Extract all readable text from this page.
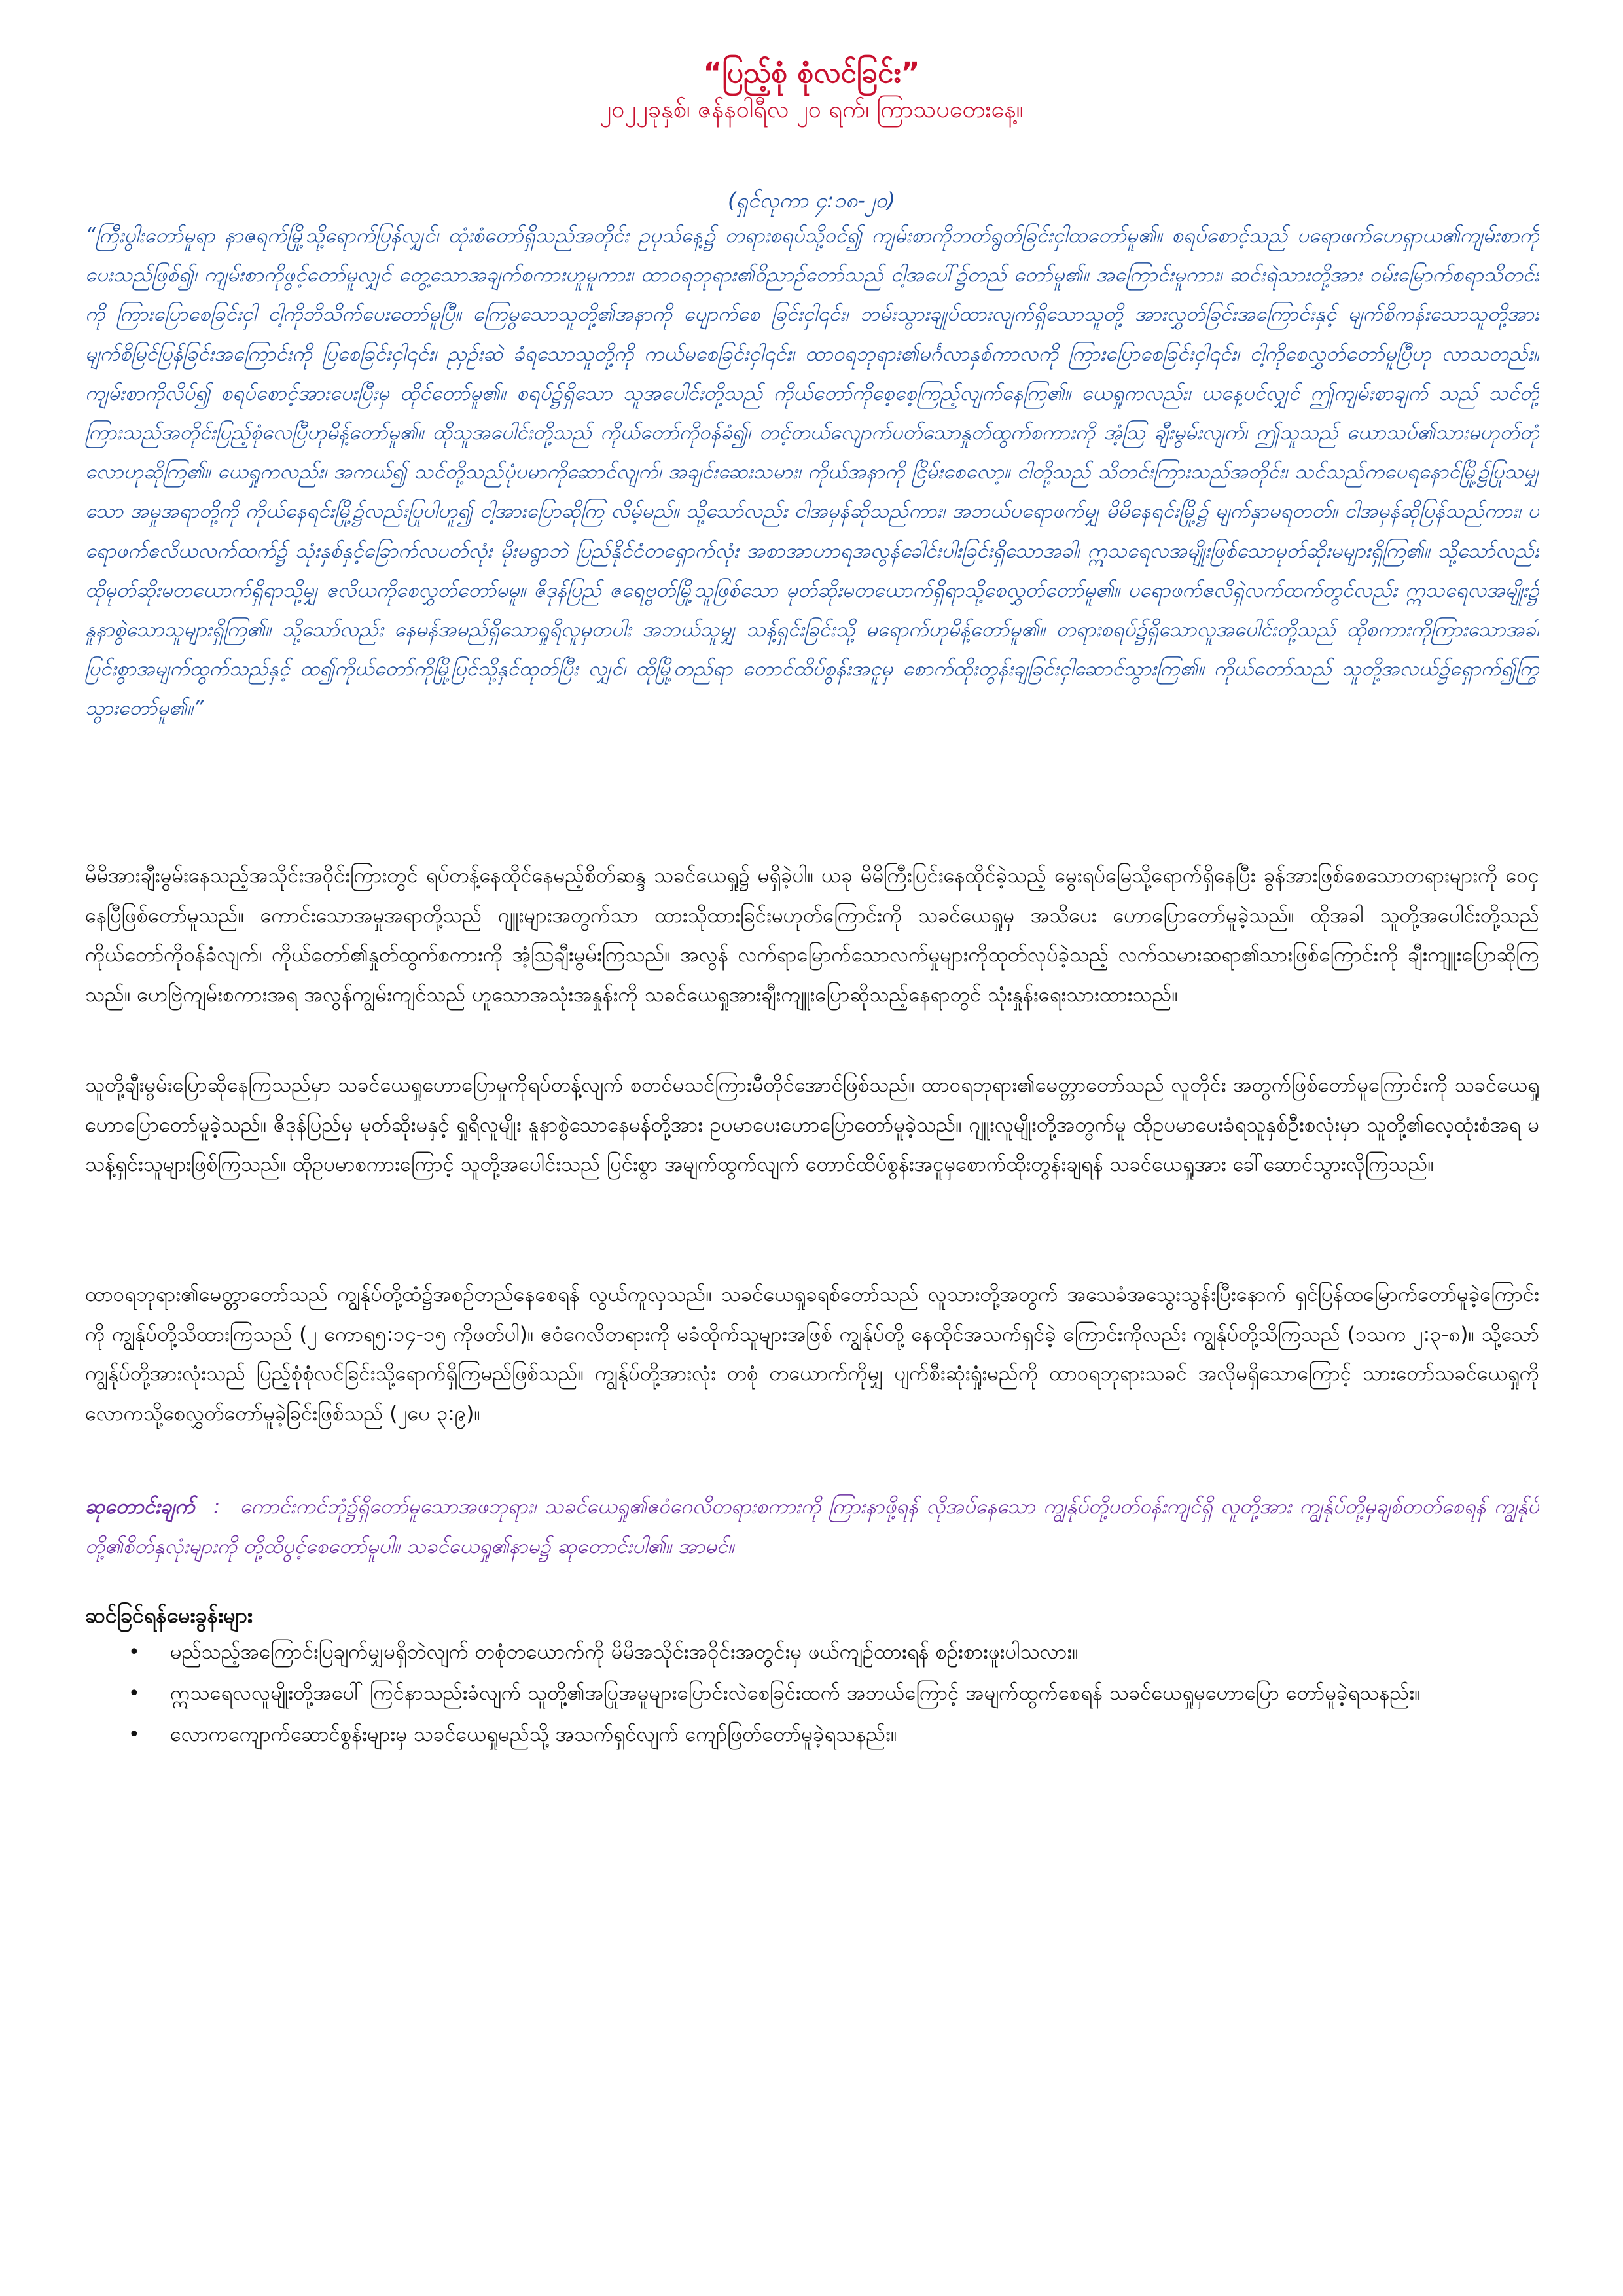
“ပြည့်စုံ စုံလင်ခြင်း”
၂၀၂၂ခုနှစ်၊ ဇန်နဝါရီလ ၂၀ ရက်၊ ကြာသပတေးနေ့။
(ရှင်လုကာ ၄:၁၈-၂၀)

“ကြီးပွါးတော်မူရာ နာဇရက်မြို့သို့ရောက်ပြန်လျှင်၊ ထုံးစံတော်ရှိသည်အတိုင်း ဥပုသ်နေ့၌ တရားစရပ်သို့ဝင်၍ ကျမ်းစာကိုဘတ်ရွတ်ခြင်းငှါထတော်မူ၏။ စရပ်စောင့်သည် ပရောဖက်ဟေရှာယ၏ကျမ်းစာကိုပေးသည်ဖြစ်၍၊ ကျမ်းစာကိုဖွင့်တော်မူလျှင် တွေ့သောအချက်စကားဟူမူကား၊ ထာဝရဘုရား၏ဝိညာဉ်တော်သည် ငါ့အပေါ်၌တည် တော်မူ၏။ အကြောင်းမူကား၊ ဆင်းရဲသားတို့အား ဝမ်းမြောက်စရာသိတင်းကို ကြားပြောစေခြင်းငှါ ငါ့ကိုဘိသိက်ပေးတော်မူပြီ။ ကြေမွသောသူတို့၏အနာကို ပျောက်စေ ခြင်းငှါ၎င်း၊ ဘမ်းသွားချုပ်ထားလျက်ရှိသောသူတို့ အားလွှတ်ခြင်းအကြောင်းနှင့် မျက်စိကန်းသောသူတို့အား မျက်စိမြင်ပြန်ခြင်းအကြောင်းကို ပြစေခြင်းငှါ၎င်း၊ ညှဉ်းဆဲ ခံရသောသူတို့ကို ကယ်မစေခြင်းငှါ၎င်း၊ ထာဝရဘုရား၏မင်္ဂလာနှစ်ကာလကို ကြားပြောစေခြင်းငှါ၎င်း၊ ငါ့ကိုစေလွှတ်တော်မူပြီဟု လာသတည်း။ ကျမ်းစာကိုလိပ်၍ စရပ်စောင့်အားပေးပြီးမှ ထိုင်တော်မူ၏။ စရပ်၌ရှိသော သူအပေါင်းတို့သည် ကိုယ်တော်ကိုစေ့စေ့ကြည့်လျက်နေကြ၏။ ယေရှုကလည်း၊ ယနေ့ပင်လျှင် ဤကျမ်းစာချက် သည် သင်တို့ကြားသည်အတိုင်းပြည့်စုံလေပြီဟုမိန့်တော်မူ၏။ ထိုသူအပေါင်းတို့သည် ကိုယ်တော်ကိုဝန်ခံ၍၊ တင့်တယ်လျောက်ပတ်သောနှုတ်ထွက်စကားကို အံ့ဩ ချီးမွမ်းလျက်၊ ဤသူသည် ယောသပ်၏သားမဟုတ်တုံလောဟုဆိုကြ၏။ ယေရှုကလည်း၊ အကယ်၍ သင်တို့သည်ပုံပမာကိုဆောင်လျက်၊ အချင်းဆေးသမား၊ ကိုယ်အနာကို ငြိမ်းစေလော့။ ငါတို့သည် သိတင်းကြားသည်အတိုင်း၊ သင်သည်ကပေရနောင်မြို့၌ပြုသမျှသော အမှုအရာတို့ကို ကိုယ်နေရင်းမြို့၌လည်းပြုပါဟူ၍ ငါ့အားပြောဆိုကြ လိမ့်မည်။ သို့သော်လည်း ငါအမှန်ဆိုသည်ကား၊ အဘယ်ပရောဖက်မျှ မိမိနေရင်းမြို့၌ မျက်နှာမရတတ်။ ငါအမှန်ဆိုပြန်သည်ကား၊ ပရောဖက်ဧလိယလက်ထက်၌ သုံးနှစ်နှင့်ခြောက်လပတ်လုံး မိုးမရွာဘဲ ပြည်နိုင်ငံတရှောက်လုံး အစာအာဟာရအလွန်ခေါင်းပါးခြင်းရှိသောအခါ၊ ဣသရေလအမျိုးဖြစ်သောမုတ်ဆိုးမများရှိကြ၏။ သို့သော်လည်း ထိုမုတ်ဆိုးမတယောက်ရှိရာသို့မျှ ဧလိယကိုစေလွှတ်တော်မမူ။ ဇိဒုန်ပြည် ဇရေဗ္ဗတ်မြို့သူဖြစ်သော မုတ်ဆိုးမတယောက်ရှိရာသို့စေလွှတ်တော်မူ၏။ ပရောဖက်ဧလိရှဲလက်ထက်တွင်လည်း ဣသရေလအမျိုး၌ နူနာစွဲသောသူများရှိကြ၏။ သို့သော်လည်း နေမန်အမည်ရှိသောရှုရိလူမှတပါး အဘယ်သူမျှ သန့်ရှင်းခြင်းသို့ မရောက်ဟုမိန့်တော်မူ၏။ တရားစရပ်၌ရှိသောလူအပေါင်းတို့သည် ထိုစကားကိုကြားသောအခါပြင်းစွာအမျက်ထွက်သည်နှင့် ထ၍ကိုယ်တော်ကိုမြို့ပြင်သို့နှင်ထုတ်ပြီး လျှင်၊ ထိုမြို့တည်ရာ တောင်ထိပ်စွန်းအငူမှ စောက်ထိုးတွန်းချခြင်းငှါဆောင်သွားကြ၏။ ကိုယ်တော်သည် သူတို့အလယ်၌ရှောက်၍ကြွသွားတော်မူ၏။”

မိမိအားချီးမွမ်းနေသည့်အသိုင်းအဝိုင်းကြားတွင် ရပ်တန့်နေထိုင်နေမည့်စိတ်ဆန္ဒ သခင်ယေရှု၌ မရှိခဲ့ပါ။ ယခု မိမိကြီးပြင်းနေထိုင်ခဲ့သည့် မွေးရပ်မြေသို့ရောက်ရှိနေပြီး ခွန်အားဖြစ်စေသောတရားများကို ဝေငှနေပြီဖြစ်တော်မူသည်။ ကောင်းသောအမှုအရာတို့သည် ဂျူးများအတွက်သာ ထားသိုထားခြင်းမဟုတ်ကြောင်းကို သခင်ယေရှုမှ အသိပေး ဟောပြောတော်မူခဲ့သည်။ ထိုအခါ သူတို့အပေါင်းတို့သည် ကိုယ်တော်ကိုဝန်ခံလျက်၊ ကိုယ်တော်၏နှုတ်ထွက်စကားကို အံ့ဩချီးမွမ်းကြသည်။ အလွန် လက်ရာမြောက်သောလက်မှုများကိုထုတ်လုပ်ခဲ့သည့် လက်သမားဆရာ၏သားဖြစ်ကြောင်းကို ချီးကျူးပြောဆိုကြသည်။ ဟေဗြဲကျမ်းစကားအရ အလွန်ကျွမ်းကျင်သည် ဟူသောအသုံးအနှုန်းကို သခင်ယေရှုအားချီးကျူးပြောဆိုသည့်နေရာတွင် သုံးနှုန်းရေးသားထားသည်။

သူတို့ချီးမွမ်းပြောဆိုနေကြသည်မှာ သခင်ယေရှုဟောပြောမှုကိုရပ်တန့်လျက် စတင်မသင်ကြားမီတိုင်အောင်ဖြစ်သည်။ ထာဝရဘုရား၏မေတ္တာတော်သည် လူတိုင်း အတွက်ဖြစ်တော်မူကြောင်းကို သခင်ယေရှုဟောပြောတော်မူခဲ့သည်။ ဇိဒုန်ပြည်မှ မုတ်ဆိုးမနှင့် ရှုရိလူမျိုး နူနာစွဲသောနေမန်တို့အား ဥပမာပေးဟောပြောတော်မူခဲ့သည်။ ဂျူးလူမျိုးတို့အတွက်မူ ထိုဥပမာပေးခံရသူနှစ်ဦးစလုံးမှာ သူတို့၏လေ့ထုံးစံအရ မသန့်ရှင်းသူများဖြစ်ကြသည်။ ထိုဥပမာစကားကြောင့် သူတို့အပေါင်းသည် ပြင်းစွာ အမျက်ထွက်လျက် တောင်ထိပ်စွန်းအငူမှစောက်ထိုးတွန်းချရန် သခင်ယေရှုအား ခေါ်ဆောင်သွားလိုကြသည်။

ထာဝရဘုရား၏မေတ္တာတော်သည် ကျွန်ုပ်တို့ထံ၌အစဉ်တည်နေစေရန် လွယ်ကူလှသည်။ သခင်ယေရှုခရစ်တော်သည် လူသားတို့အတွက် အသေခံအသွေးသွန်းပြီးနောက် ရှင်ပြန်ထမြောက်တော်မူခဲ့ကြောင်းကို ကျွန်ုပ်တို့သိထားကြသည် (၂ ကောရ၅:၁၄-၁၅ ကိုဖတ်ပါ)။ ဧဝံဂေလိတရားကို မခံထိုက်သူများအဖြစ် ကျွန်ုပ်တို့ နေထိုင်အသက်ရှင်ခဲ့ ကြောင်းကိုလည်း ကျွန်ုပ်တို့သိကြသည် (၁သက ၂:၃-၈)။ သို့သော် ကျွန်ုပ်တို့အားလုံးသည် ပြည့်စုံစုံလင်ခြင်းသို့ရောက်ရှိကြမည်ဖြစ်သည်။ ကျွန်ုပ်တို့အားလုံး တစုံ တယောက်ကိုမျှ ပျက်စီးဆုံးရှုံးမည်ကို ထာဝရဘုရားသခင် အလိုမရှိသောကြောင့် သားတော်သခင်ယေရှုကို လောကသို့စေလွှတ်တော်မူခဲ့ခြင်းဖြစ်သည် (၂ပေ ၃:၉)။

ဆုတောင်းချက် : ကောင်းကင်ဘုံ၌ရှိတော်မူသောအဖဘုရား၊ သခင်ယေရှု၏ဧဝံဂေလိတရားစကားကို ကြားနာဖို့ရန် လိုအပ်နေသော ကျွန်ုပ်တို့ပတ်ဝန်းကျင်ရှိ လူတို့အား ကျွန်ုပ်တို့မှချစ်တတ်စေရန် ကျွန်ုပ်တို့၏စိတ်နှလုံးများကို တို့ထိပွင့်စေတော်မူပါ။ သခင်ယေရှု၏နာမ၌ ဆုတောင်းပါ၏။ အာမင်။

ဆင်ခြင်ရန်မေးခွန်းများ
• မည်သည့်အကြောင်းပြချက်မျှမရှိဘဲလျက် တစုံတယောက်ကို မိမိအသိုင်းအဝိုင်းအတွင်းမှ ဖယ်ကျဉ်ထားရန် စဉ်းစားဖူးပါသလား။
• ဣသရေလလူမျိုးတို့အပေါ် ကြင်နာသည်းခံလျက် သူတို့၏အပြုအမူများပြောင်းလဲစေခြင်းထက် အဘယ်ကြောင့် အမျက်ထွက်စေရန် သခင်ယေရှုမှဟောပြော တော်မူခဲ့ရသနည်း။
• လောကကျောက်ဆောင်စွန်းများမှ သခင်ယေရှုမည်သို့ အသက်ရှင်လျက် ကျော်ဖြတ်တော်မူခဲ့ရသနည်း။
